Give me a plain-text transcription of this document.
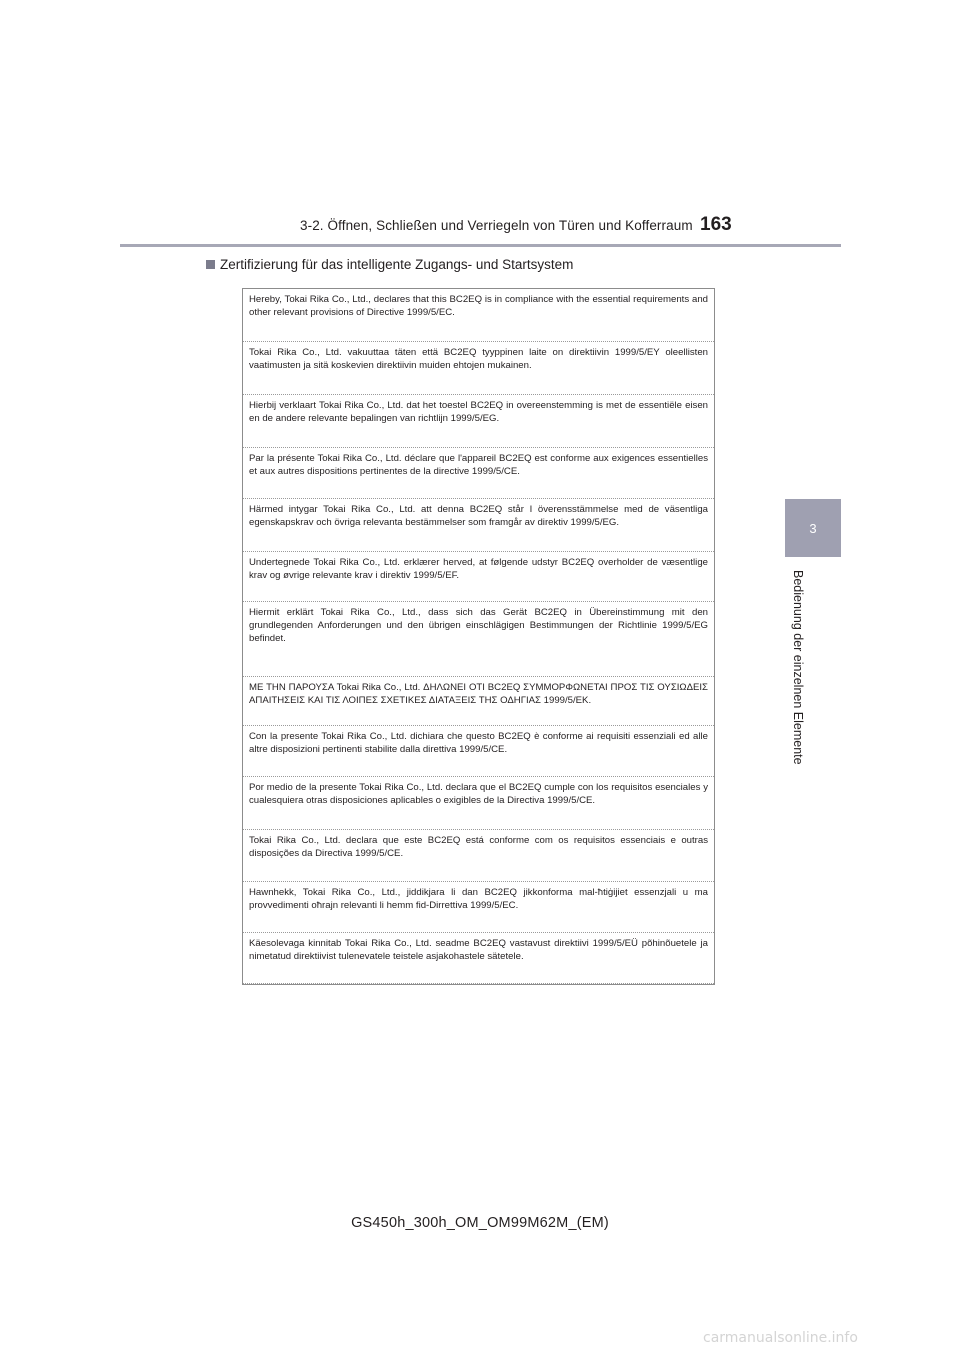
3-2. Öffnen, Schließen und Verriegeln von Türen und Kofferraum 163
3
Bedienung der einzelnen Elemente
Zertifizierung für das intelligente Zugangs- und Startsystem
Hereby, Tokai Rika Co., Ltd., declares that this BC2EQ is in compliance with the essential requirements and other relevant provisions of Directive 1999/5/EC.
Tokai Rika Co., Ltd. vakuuttaa täten että BC2EQ tyyppinen laite on direktiivin 1999/5/EY oleellisten vaatimusten ja sitä koskevien direktiivin muiden ehtojen mukainen.
Hierbij verklaart Tokai Rika Co., Ltd. dat het toestel BC2EQ in overeenstemming is met de essentiële eisen en de andere relevante bepalingen van richtlijn 1999/5/EG.
Par la présente Tokai Rika Co., Ltd. déclare que l'appareil BC2EQ est conforme aux exigences essentielles et aux autres dispositions pertinentes de la directive 1999/5/CE.
Härmed intygar Tokai Rika Co., Ltd. att denna BC2EQ står I överensstämmelse med de väsentliga egenskapskrav och övriga relevanta bestämmelser som framgår av direktiv 1999/5/EG.
Undertegnede Tokai Rika Co., Ltd. erklærer herved, at følgende udstyr BC2EQ overholder de væsentlige krav og øvrige relevante krav i direktiv 1999/5/EF.
Hiermit erklärt Tokai Rika Co., Ltd., dass sich das Gerät BC2EQ in Übereinstimmung mit den grundlegenden Anforderungen und den übrigen einschlägigen Bestimmungen der Richtlinie 1999/5/EG befindet.
ΜΕ ΤΗΝ ΠΑΡΟΥΣΑ Tokai Rika Co., Ltd. ΔΗΛΩΝΕΙ ΟΤΙ BC2EQ ΣΥΜΜΟΡΦΩΝΕΤΑΙ ΠΡΟΣ ΤΙΣ ΟΥΣΙΩΔΕΙΣ ΑΠΑΙΤΗΣΕΙΣ ΚΑΙ ΤΙΣ ΛΟΙΠΕΣ ΣΧΕΤΙΚΕΣ ΔΙΑΤΑΞΕΙΣ ΤΗΣ ΟΔΗΓΙΑΣ 1999/5/ΕΚ.
Con la presente Tokai Rika Co., Ltd. dichiara che questo BC2EQ è conforme ai requisiti essenziali ed alle altre disposizioni pertinenti stabilite dalla direttiva 1999/5/CE.
Por medio de la presente Tokai Rika Co., Ltd. declara que el BC2EQ cumple con los requisitos esenciales y cualesquiera otras disposiciones aplicables o exigibles de la Directiva 1999/5/CE.
Tokai Rika Co., Ltd. declara que este BC2EQ está conforme com os requisitos essenciais e outras disposições da Directiva 1999/5/CE.
Hawnhekk, Tokai Rika Co., Ltd., jiddikjara li dan BC2EQ jikkonforma mal-ħtiġijiet essenzjali u ma provvedimenti oħrajn relevanti li hemm fid-Dirrettiva 1999/5/EC.
Käesolevaga kinnitab Tokai Rika Co., Ltd. seadme BC2EQ vastavust direktiivi 1999/5/EÜ põhinõuetele ja nimetatud direktiivist tulenevatele teistele asjakohastele sätetele.
GS450h_300h_OM_OM99M62M_(EM)
carmanualsonline.info
